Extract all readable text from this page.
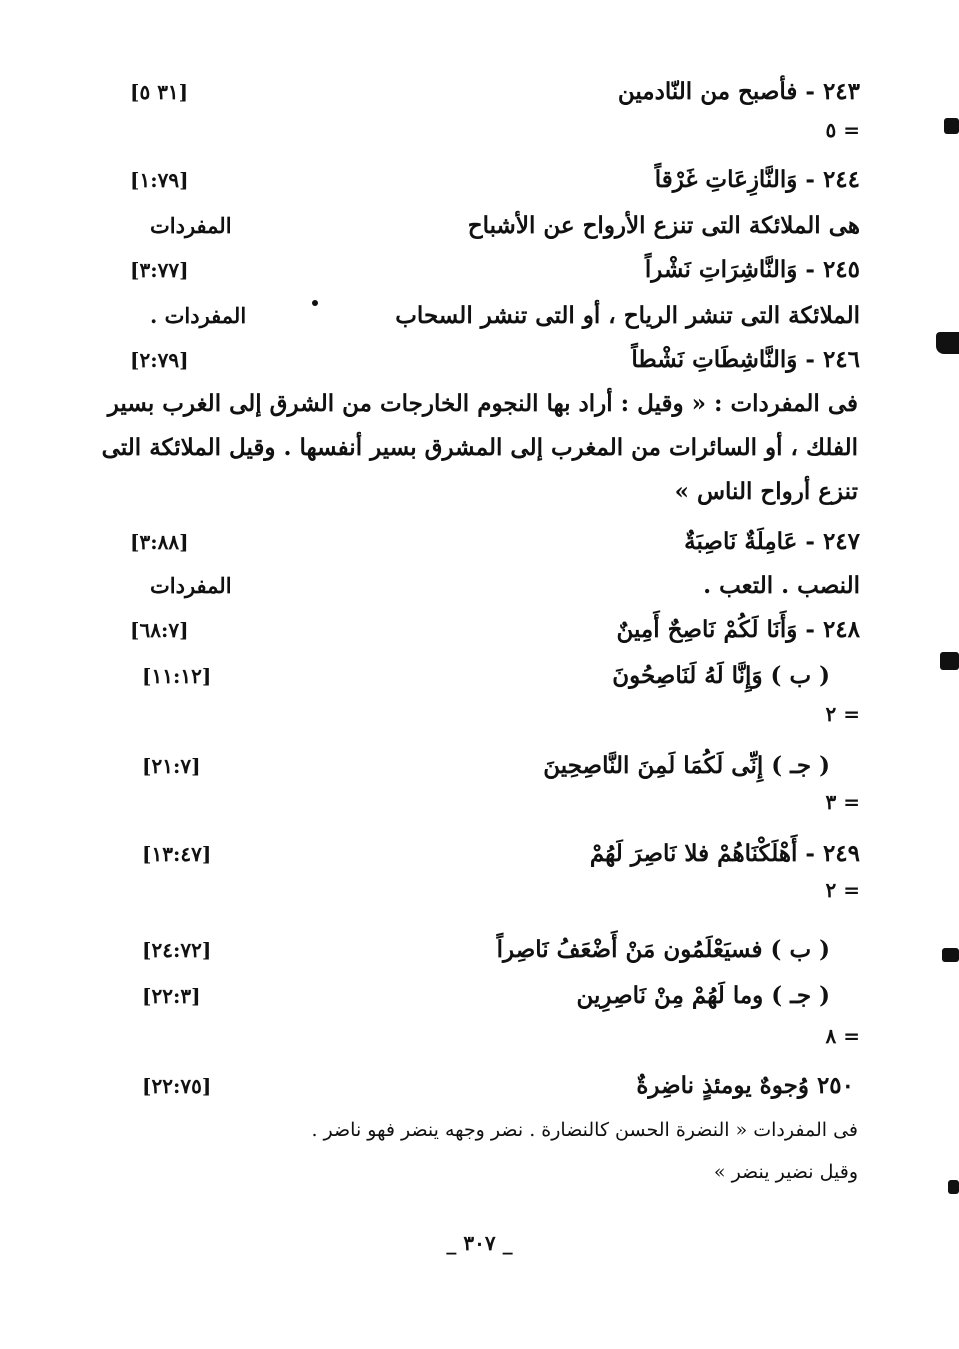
٢٤٣ - فأصبح من النّادمين
[٣١ ٥]
= ٥
٢٤٤ - وَالنَّازِعَاتِ غَرْقاً
[١:٧٩]
هى الملائكة التى تنزع الأرواح عن الأشباح
المفردات
٢٤٥ - وَالنَّاشِرَاتِ نَشْراً
[٣:٧٧]
الملائكة التى تنشر الرياح ، أو التى تنشر السحاب
المفردات .
٢٤٦ - وَالنَّاشِطَاتِ نَشْطاً
[٢:٧٩]
فى المفردات : « وقيل : أراد بها النجوم الخارجات من الشرق إلى الغرب بسير
الفلك ، أو السائرات من المغرب إلى المشرق بسير أنفسها . وقيل الملائكة التى
تنزع أرواح الناس »
٢٤٧ - عَامِلَةٌ نَاصِبَةٌ
[٣:٨٨]
النصب . التعب .
المفردات
٢٤٨ - وَأَنَا لَكُمْ نَاصِحٌ أَمِينٌ
[٦٨:٧]
( ب ) وَإِنَّا لَهُ لَنَاصِحُونَ
[١١:١٢]
= ٢
( جـ ) إِنِّى لَكُمَا لَمِنَ النَّاصِحِينَ
[٢١:٧]
= ٣
٢٤٩ - أَهْلَكْنَاهُمْ فلا نَاصِرَ لَهُمْ
[١٣:٤٧]
= ٢
( ب ) فسيَعْلَمُون مَنْ أَضْعَفُ نَاصِراً
[٢٤:٧٢]
( جـ ) وما لَهُمْ مِنْ نَاصِرِين
[٢٢:٣]
= ٨
٢٥٠ وُجوهٌ يومئذٍ ناضِرةٌ
[٢٢:٧٥]
فى المفردات « النضرة الحسن كالنضارة . نضر وجهه ينضر فهو ناضر .
وقيل نضير ينضر »
_ ٣٠٧ _
